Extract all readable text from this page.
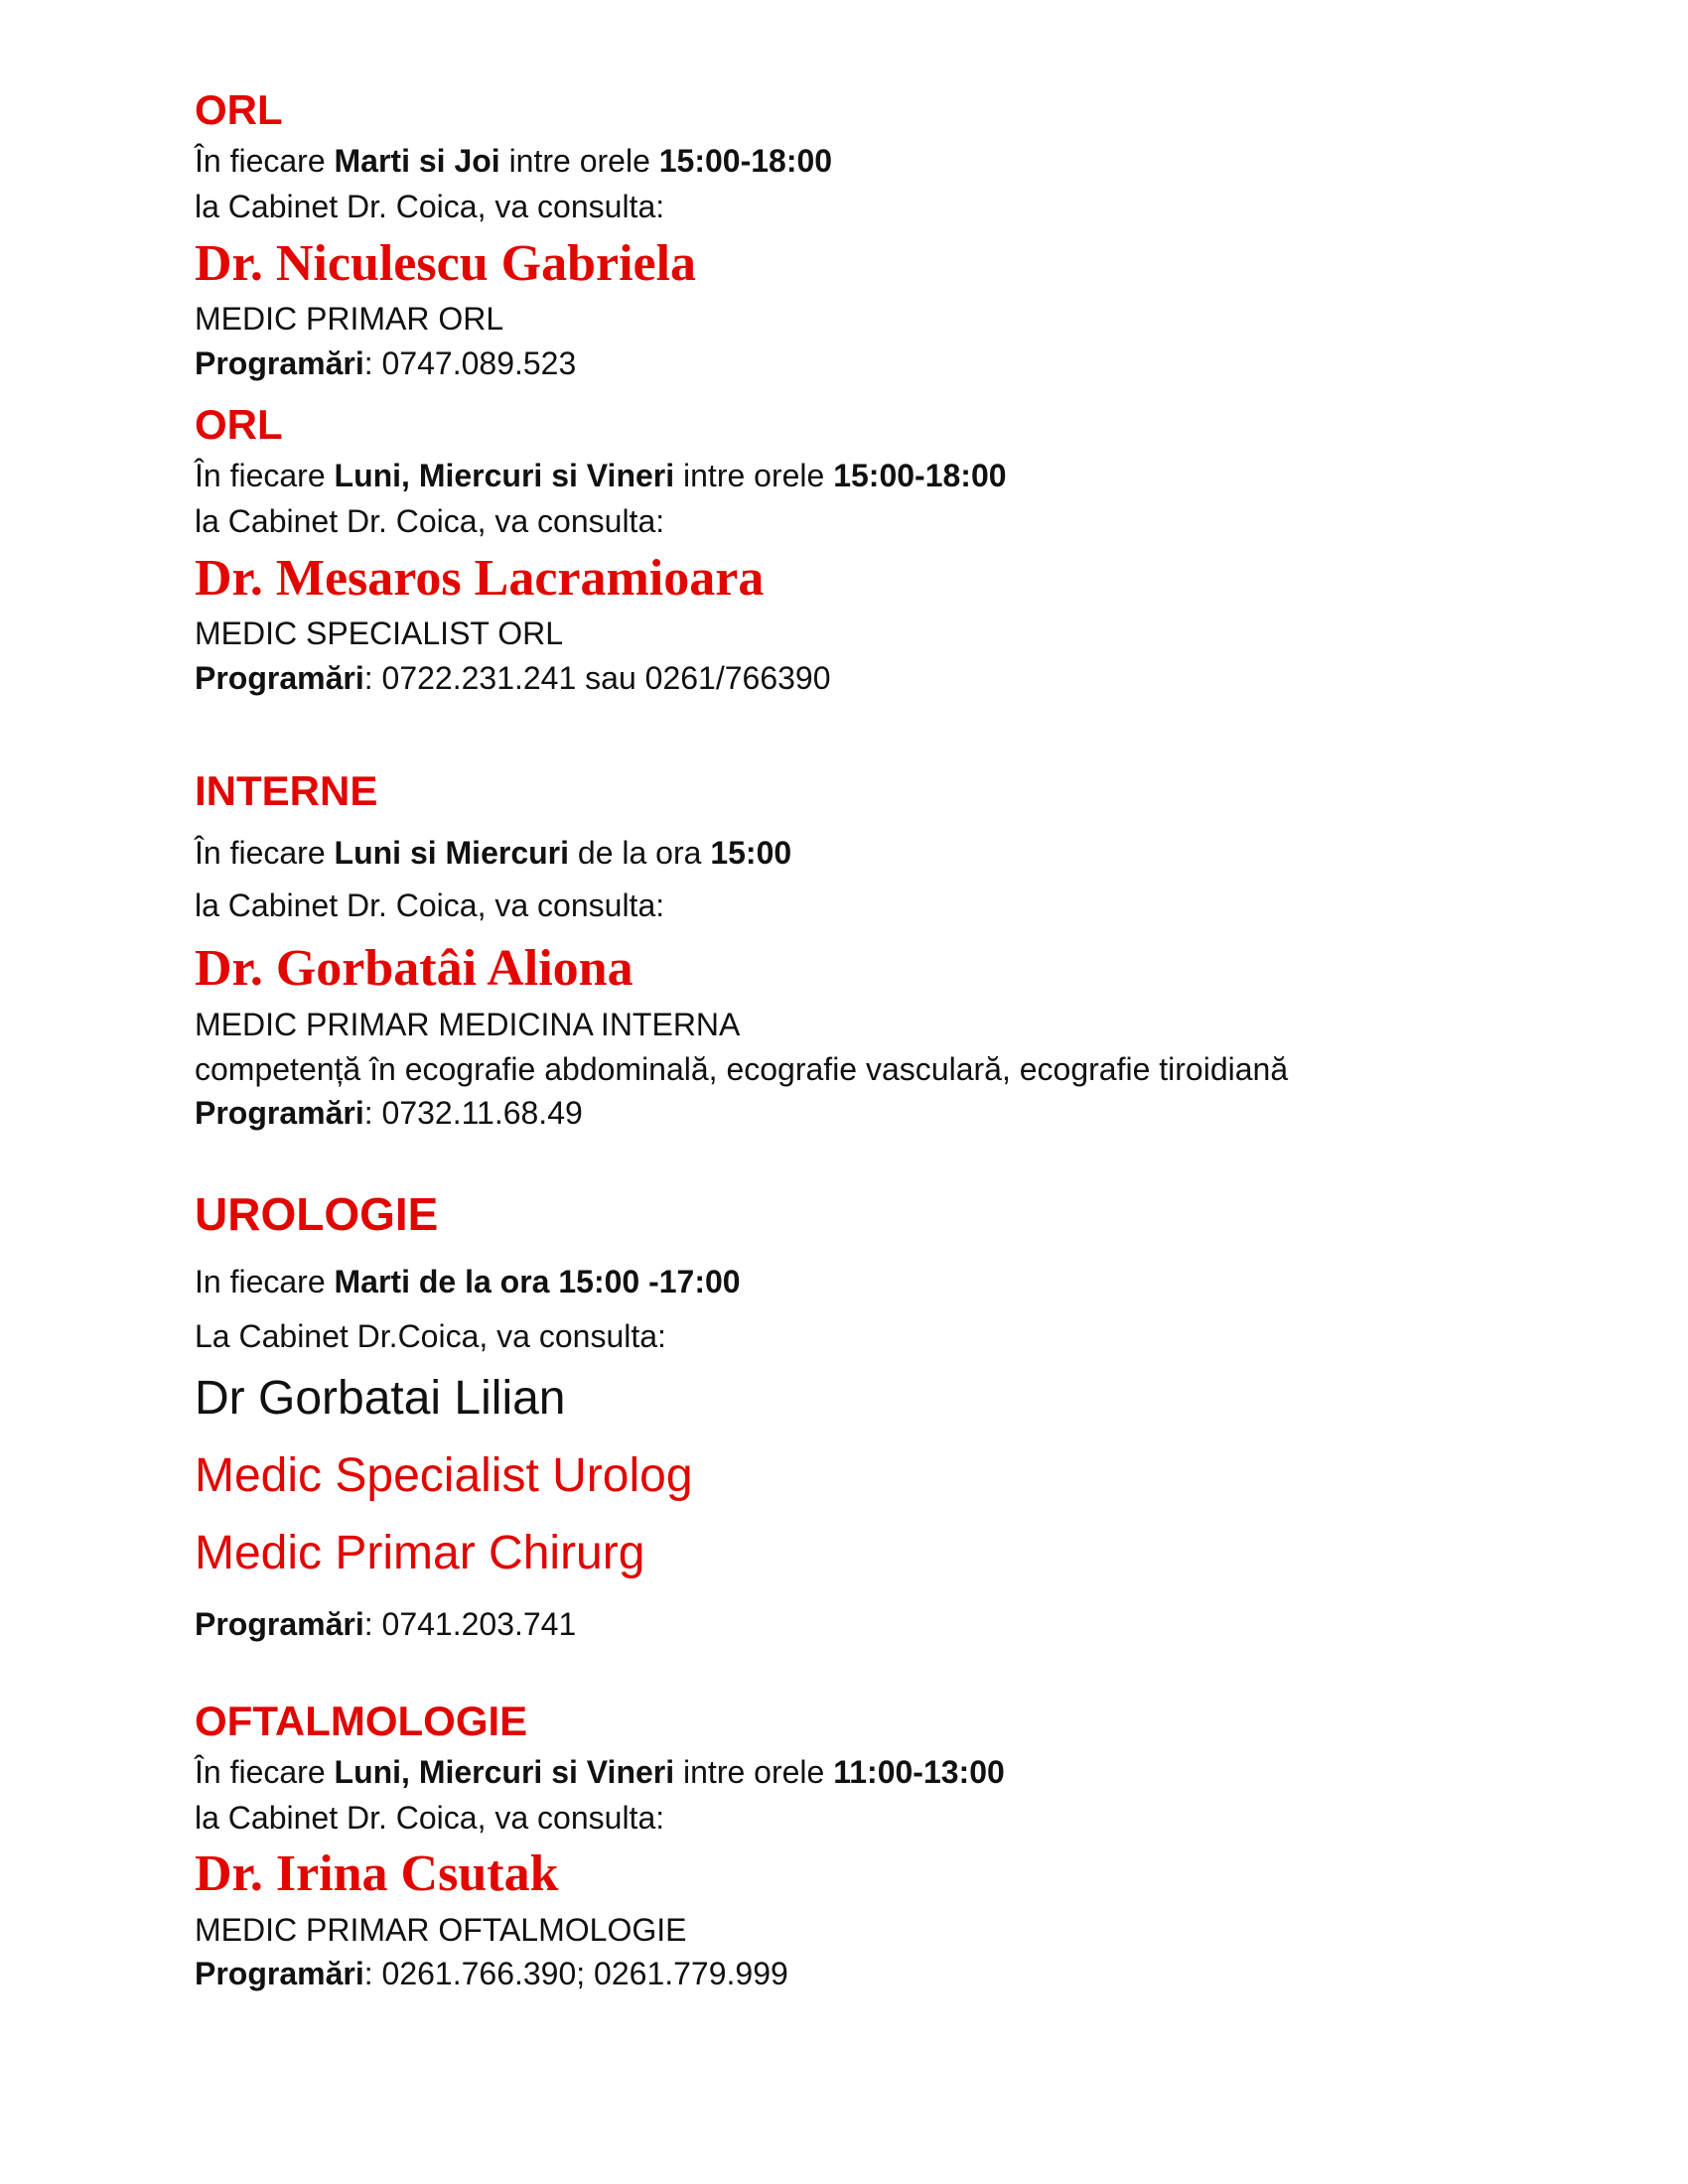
ORL
În fiecare Marti si Joi intre orele 15:00-18:00
la Cabinet Dr. Coica, va consulta:
Dr. Niculescu Gabriela
MEDIC PRIMAR ORL
Programări: 0747.089.523
ORL
În fiecare Luni, Miercuri si Vineri intre orele 15:00-18:00
la Cabinet Dr. Coica, va consulta:
Dr. Mesaros Lacramioara
MEDIC SPECIALIST ORL
Programări: 0722.231.241 sau 0261/766390
INTERNE
În fiecare Luni si Miercuri de la ora 15:00
la Cabinet Dr. Coica, va consulta:
Dr. Gorbatâi Aliona
MEDIC PRIMAR MEDICINA INTERNA
competență în ecografie abdominală, ecografie vasculară, ecografie tiroidiană
Programări: 0732.11.68.49
UROLOGIE
In fiecare Marti de la ora 15:00 -17:00
La Cabinet Dr.Coica, va consulta:
Dr Gorbatai Lilian
Medic Specialist Urolog
Medic Primar Chirurg
Programări: 0741.203.741
OFTALMOLOGIE
În fiecare Luni, Miercuri si Vineri intre orele 11:00-13:00
la Cabinet Dr. Coica, va consulta:
Dr. Irina Csutak
MEDIC PRIMAR OFTALMOLOGIE
Programări: 0261.766.390; 0261.779.999
